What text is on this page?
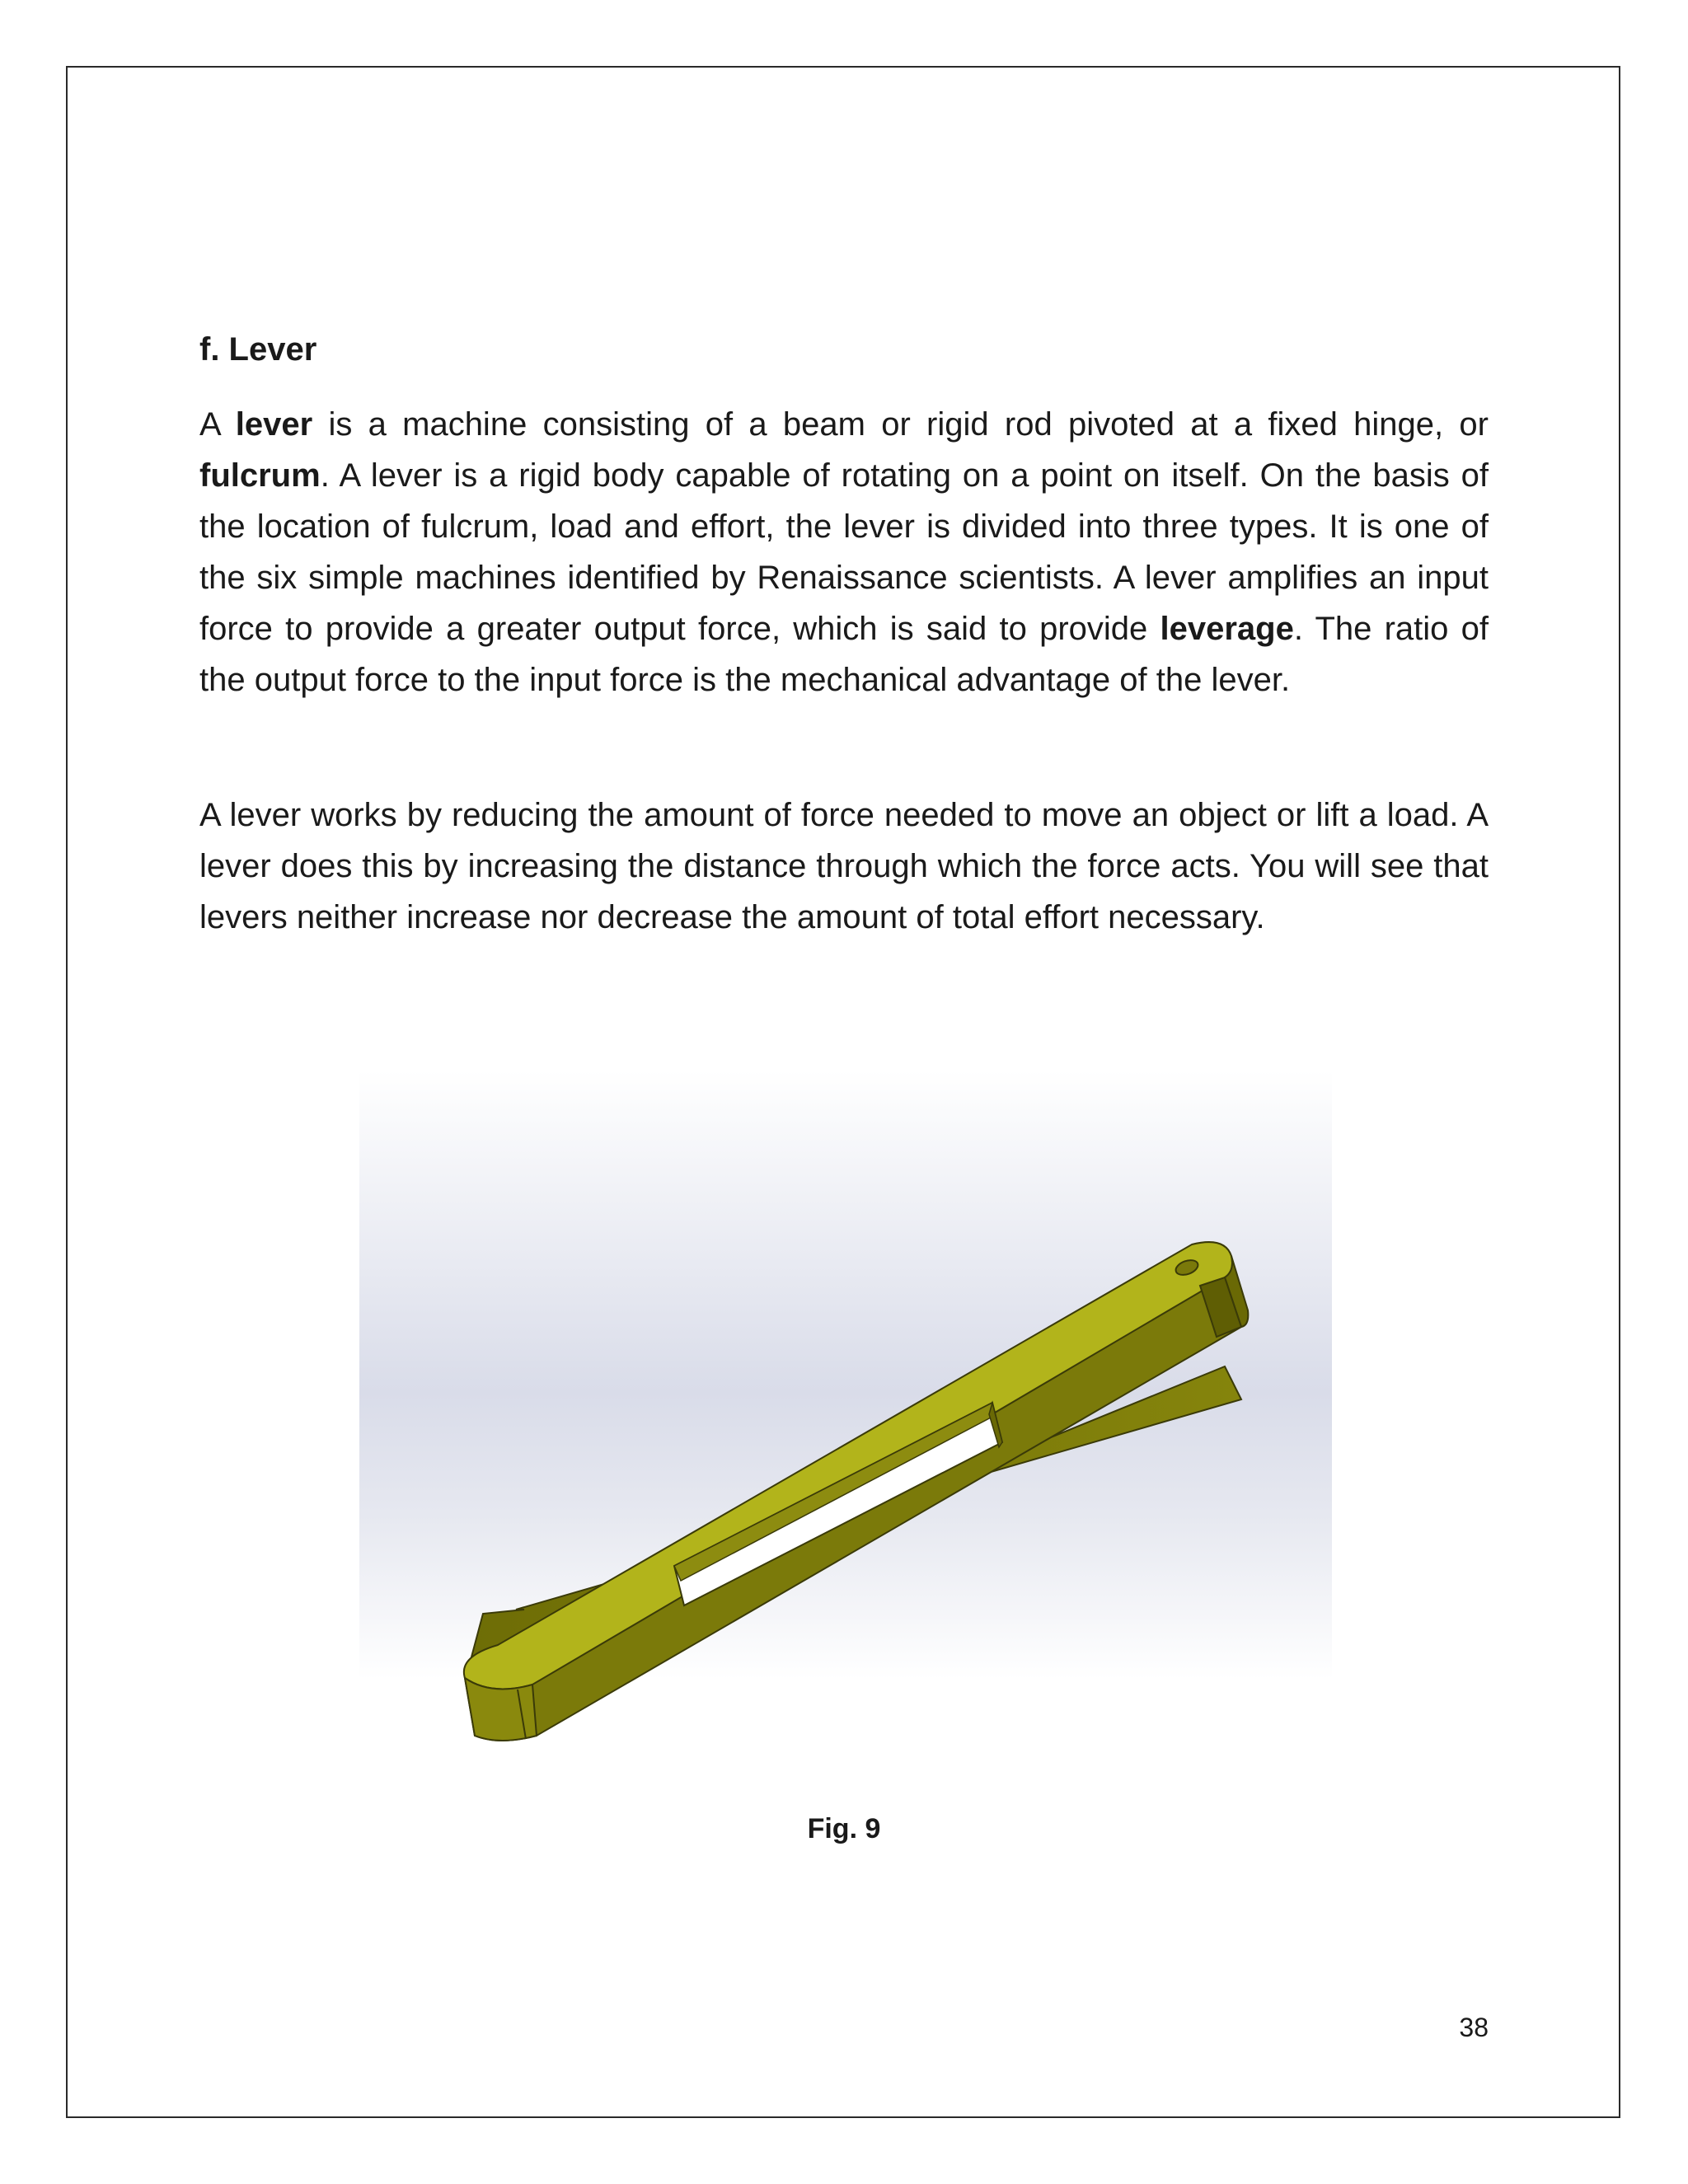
f. Lever

A lever is a machine consisting of a beam or rigid rod pivoted at a fixed hinge, or fulcrum. A lever is a rigid body capable of rotating on a point on itself. On the basis of the location of fulcrum, load and effort, the lever is divided into three types. It is one of the six simple machines identified by Renaissance scientists. A lever amplifies an input force to provide a greater output force, which is said to provide leverage. The ratio of the output force to the input force is the mechanical advantage of the lever.

A lever works by reducing the amount of force needed to move an object or lift a load. A lever does this by increasing the distance through which the force acts. You will see that levers neither increase nor decrease the amount of total effort necessary.

Fig. 9
38
